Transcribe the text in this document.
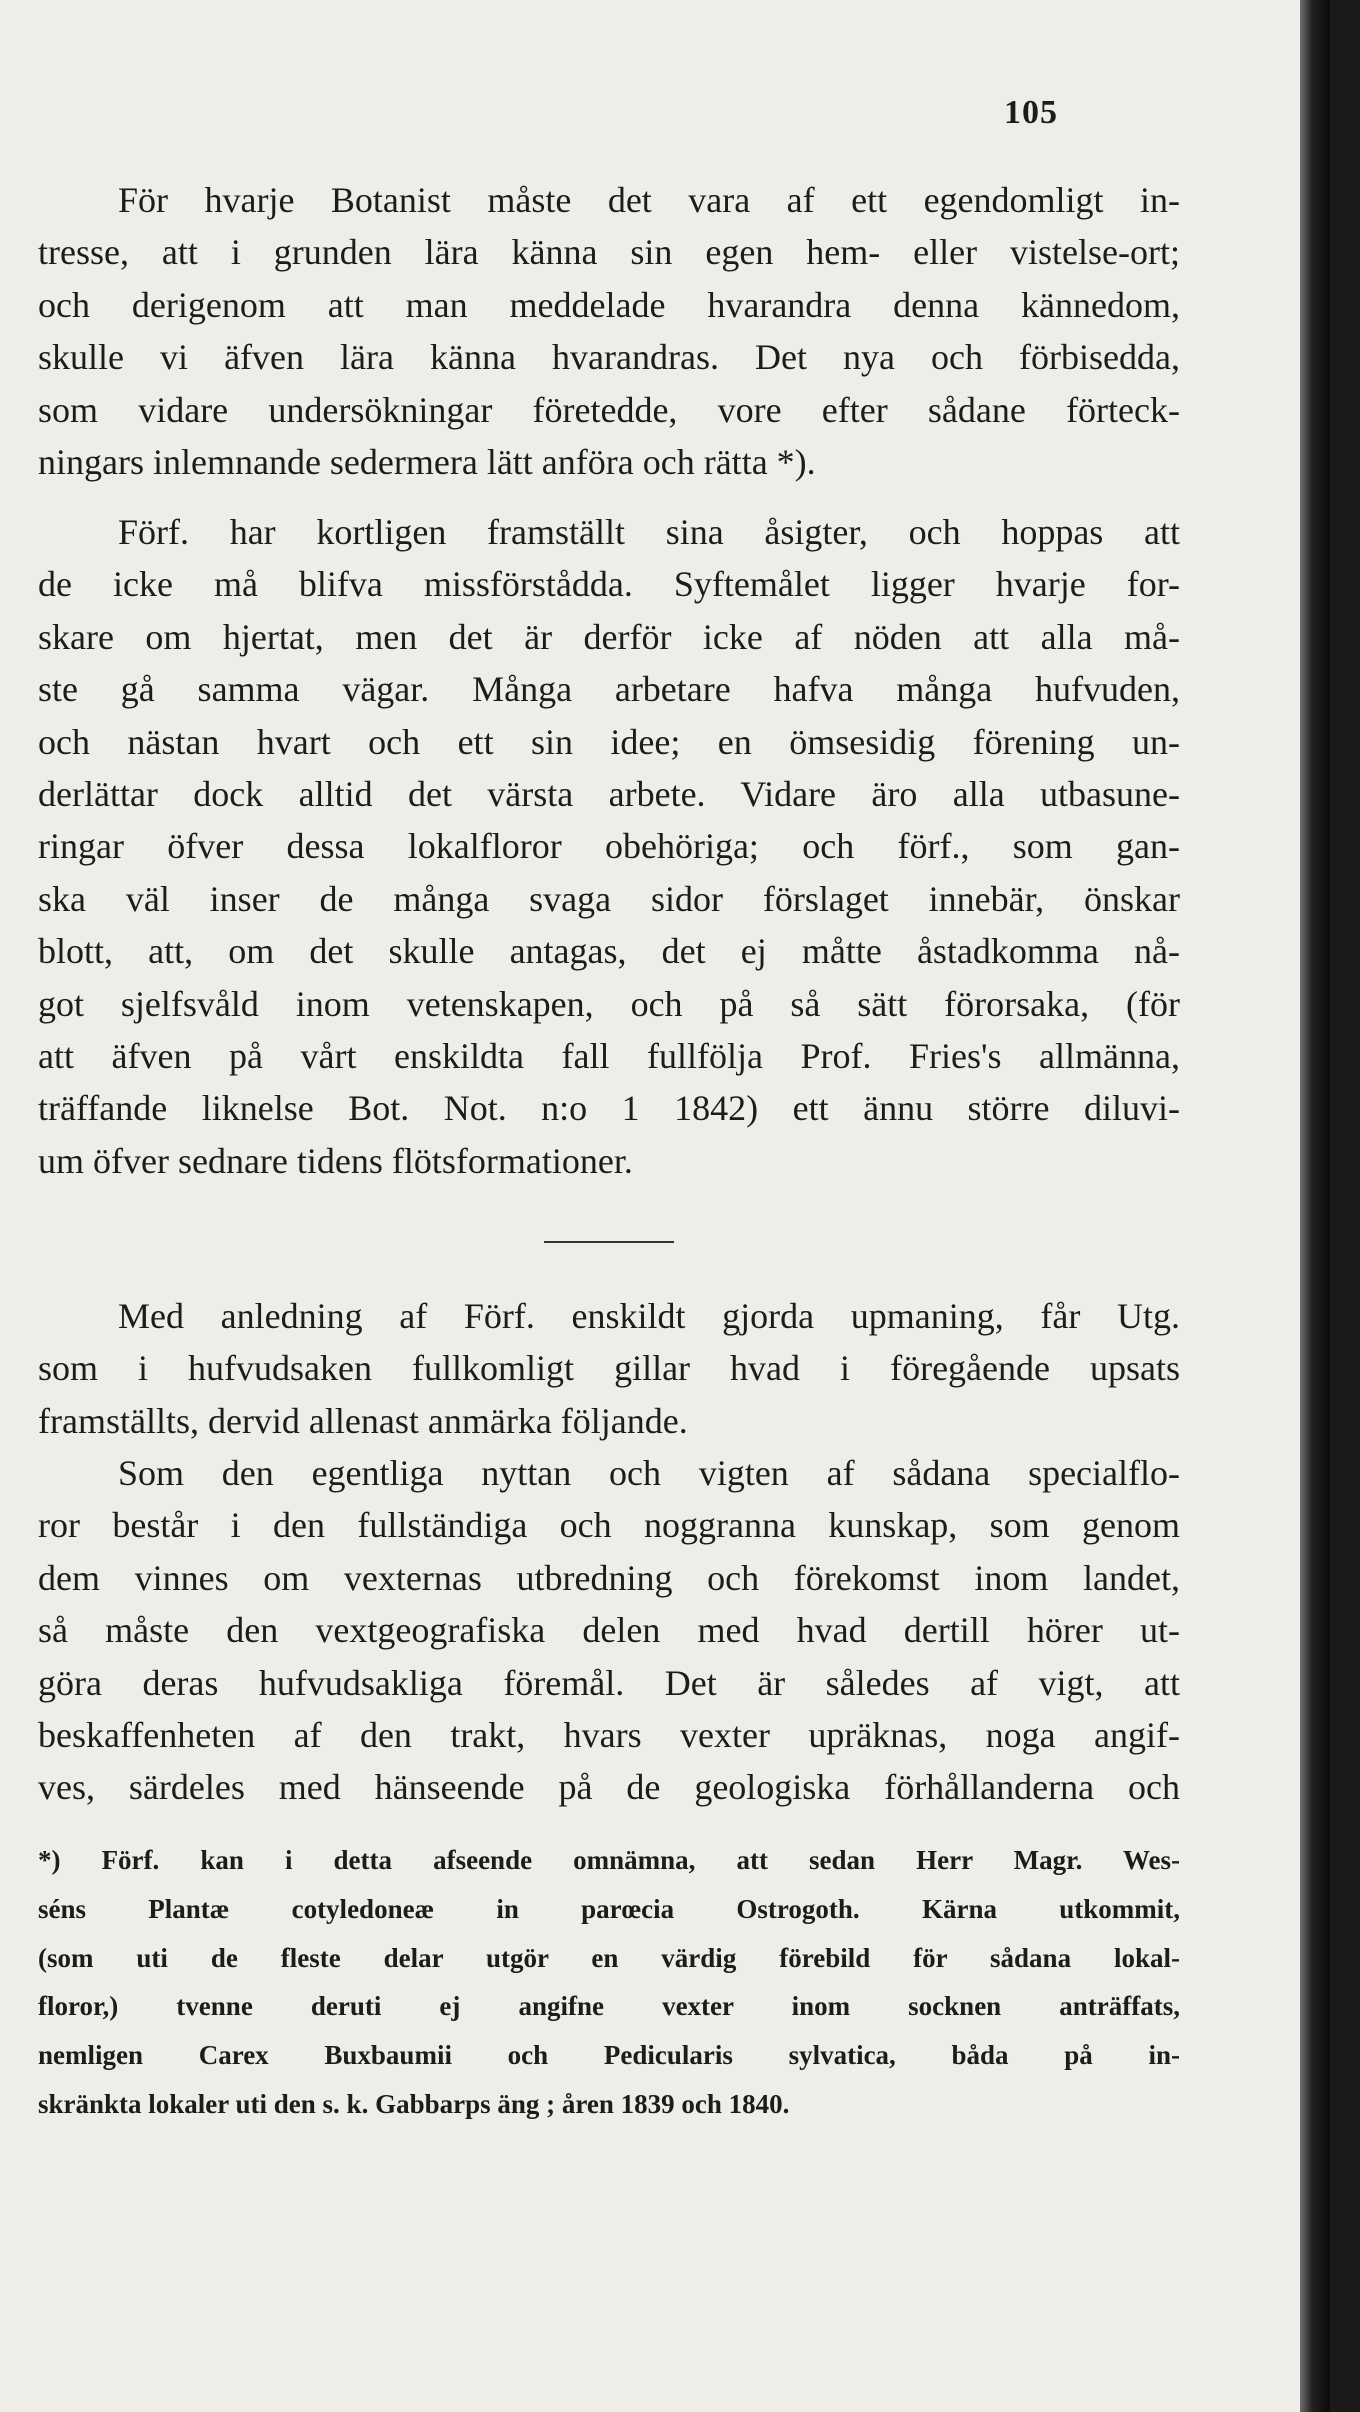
105
För hvarje Botanist måste det vara af ett egendomligt in-
tresse, att i grunden lära känna sin egen hem- eller vistelse-ort;
och derigenom att man meddelade hvarandra denna kännedom,
skulle vi äfven lära känna hvarandras. Det nya och förbisedda,
som vidare undersökningar företedde, vore efter sådane förteck-
ningars inlemnande sedermera lätt anföra och rätta *).
Förf. har kortligen framställt sina åsigter, och hoppas att
de icke må blifva missförstådda. Syftemålet ligger hvarje for-
skare om hjertat, men det är derför icke af nöden att alla må-
ste gå samma vägar. Många arbetare hafva många hufvuden,
och nästan hvart och ett sin idee; en ömsesidig förening un-
derlättar dock alltid det värsta arbete. Vidare äro alla utbasune-
ringar öfver dessa lokalfloror obehöriga; och förf., som gan-
ska väl inser de många svaga sidor förslaget innebär, önskar
blott, att, om det skulle antagas, det ej måtte åstadkomma nå-
got sjelfsvåld inom vetenskapen, och på så sätt förorsaka, (för
att äfven på vårt enskildta fall fullfölja Prof. Fries's allmänna,
träffande liknelse Bot. Not. n:o 1 1842) ett ännu större diluvi-
um öfver sednare tidens flötsformationer.
Med anledning af Förf. enskildt gjorda upmaning, får Utg.
som i hufvudsaken fullkomligt gillar hvad i föregående upsats
framställts, dervid allenast anmärka följande.
Som den egentliga nyttan och vigten af sådana specialflo-
ror består i den fullständiga och noggranna kunskap, som genom
dem vinnes om vexternas utbredning och förekomst inom landet,
så måste den vextgeografiska delen med hvad dertill hörer ut-
göra deras hufvudsakliga föremål. Det är således af vigt, att
beskaffenheten af den trakt, hvars vexter upräknas, noga angif-
ves, särdeles med hänseende på de geologiska förhållanderna och
*) Förf. kan i detta afseende omnämna, att sedan Herr Magr. Wes-
séns Plantæ cotyledoneæ in parœcia Ostrogoth. Kärna utkommit,
(som uti de fleste delar utgör en värdig förebild för sådana lokal-
floror,) tvenne deruti ej angifne vexter inom socknen anträffats,
nemligen Carex Buxbaumii och Pedicularis sylvatica, båda på in-
skränkta lokaler uti den s. k. Gabbarps äng ; åren 1839 och 1840.
